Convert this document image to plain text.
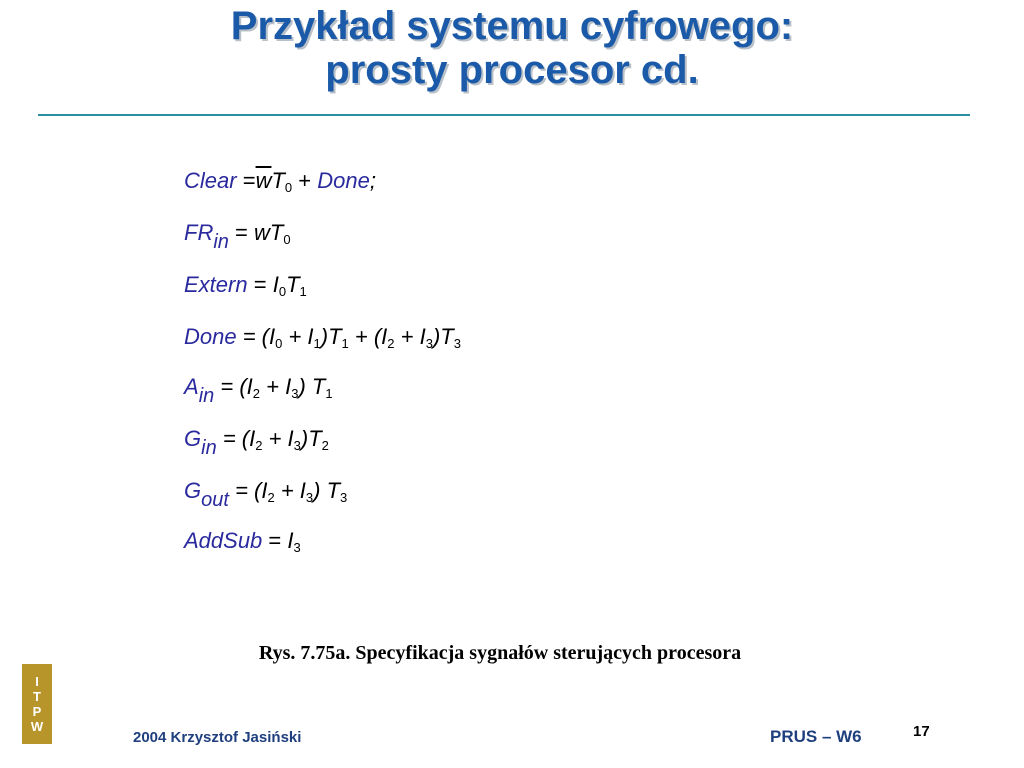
Przykład systemu cyfrowego:
prosty procesor cd.
Clear $=\overline{w}T0$ + Done;
$FR_{in} = wT0$
Extern = I0T1
Done = (I0 + I1)T1 + (I2 + I3)T3
$A_{in} = (I2 + I3)$ T1
$G_{in} = (I2 + I3)T2$
$G_{out} = (I2 + I3)$ T3
AddSub = I3
Rys. 7.75a. Specyfikacja sygnałów sterujących procesora
I
T
P
W
2004 Krzysztof Jasiński	PRUS – W6	17
